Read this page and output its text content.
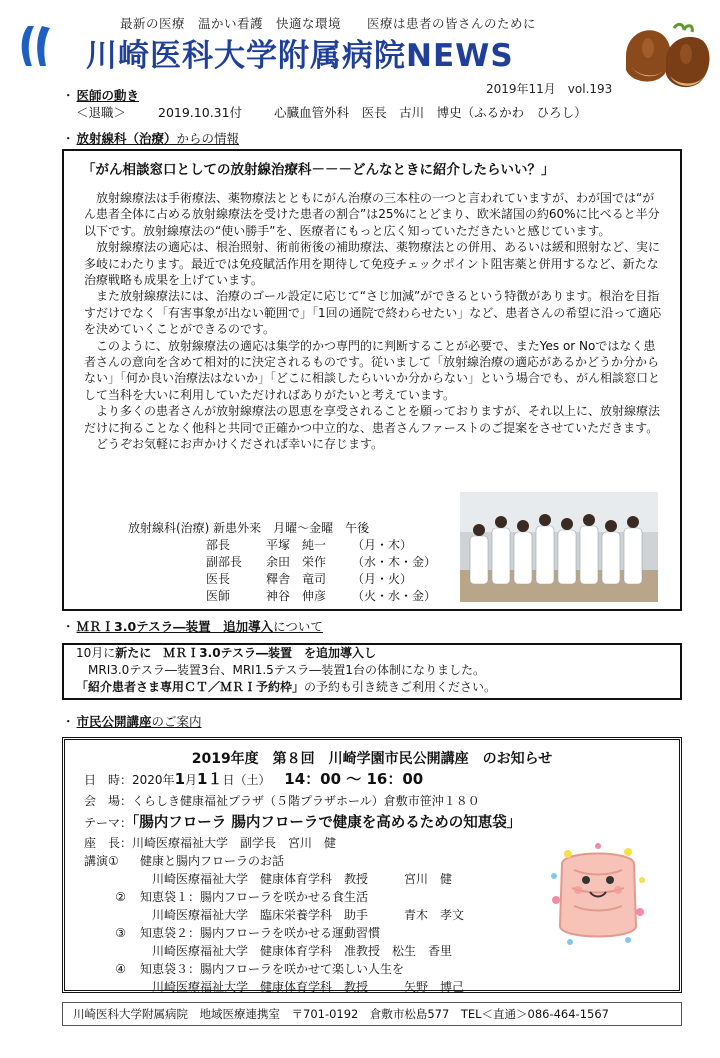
最新の医療　温かい看護　快適な環境　　医療は患者の皆さんのために
川崎医科大学附属病院NEWS
2019年11月　vol.193
・ 医師の動き
＜退職＞	2019.10.31付	心臓血管外科　医長　古川　博史（ふるかわ　ひろし）
・ 放射線科（治療）からの情報
「がん相談窓口としての放射線治療科－－－どんなときに紹介したらいい？」

放射線療法は手術療法、薬物療法とともにがん治療の三本柱の一つと言われていますが、わが国では“がん患者全体に占める放射線療法を受けた患者の割合”は25%にとどまり、欧米諸国の約60%に比べると半分以下です。放射線療法の“使い勝手”を、医療者にもっと広く知っていただきたいと感じています。

放射線療法の適応は、根治照射、術前術後の補助療法、薬物療法との併用、あるいは緩和照射など、実に多岐にわたります。最近では免疫賦活作用を期待して免疫チェックポイント阻害薬と併用するなど、新たな治療戦略も成果を上げています。

また放射線療法には、治療のゴール設定に応じて“さじ加減”ができるという特徴があります。根治を目指すだけでなく「有害事象が出ない範囲で」「1回の通院で終わらせたい」など、患者さんの希望に沿って適応を決めていくことができるのです。

このように、放射線療法の適応は集学的かつ専門的に判断することが必要で、またYes or Noではなく患者さんの意向を含めて相対的に決定されるものです。従いまして「放射線治療の適応があるかどうか分からない」「何か良い治療法はないか」「どこに相談したらいいか分からない」という場合でも、がん相談窓口として当科を大いに利用していただければありがたいと考えています。

より多くの患者さんが放射線療法の恩恵を享受されることを願っておりますが、それ以上に、放射線療法だけに拘ることなく他科と共同で正確かつ中立的な、患者さんファーストのご提案をさせていただきます。

どうぞお気軽にお声かけくだされば幸いに存じます。

放射線科(治療) 新患外来　月曜～金曜　午後
部長	平塚　純一 （月・木）
副部長 余田　栄作 （水・木・金）
医長	釋舎　竜司 （月・火）
医師	神谷　伸彦 （火・水・金）
・ ＭＲＩ3.0テスラ―装置　追加導入について
10月に新たに　ＭＲＩ3.0テスラ―装置　を追加導入し
MRI3.0テスラ―装置3台、MRI1.5テスラ―装置1台の体制になりました。
「紹介患者さま専用ＣＴ／ＭＲＩ予約枠」の予約も引き続きご利用ください。
・ 市民公開講座のご案内
2019年度　第８回　川崎学園市民公開講座　のお知らせ
日　時：2020年1月1１日（土） 14：00 ～ 16：00
会　場：くらしき健康福祉プラザ（５階プラザホール）倉敷市笹沖１８０
テーマ：「腸内フローラ 腸内フローラで健康を高めるための知恵袋」
座　長：川崎医療福祉大学　副学長　宮川　健
講演① 健康と腸内フローラのお話
川崎医療福祉大学　健康体育学科　教授　　　宮川　健
② 知恵袋１：腸内フローラを咲かせる食生活
川崎医療福祉大学　臨床栄養学科　助手　　　青木　孝文
③ 知恵袋２：腸内フローラを咲かせる運動習慣
川崎医療福祉大学　健康体育学科　准教授　松生　香里
④ 知恵袋３：腸内フローラを咲かせて楽しい人生を
川崎医療福祉大学　健康体育学科　教授　　　矢野　博己
川崎医科大学附属病院　地域医療連携室　〒701-0192　倉敷市松島577　TEL＜直通＞086-464-1567
